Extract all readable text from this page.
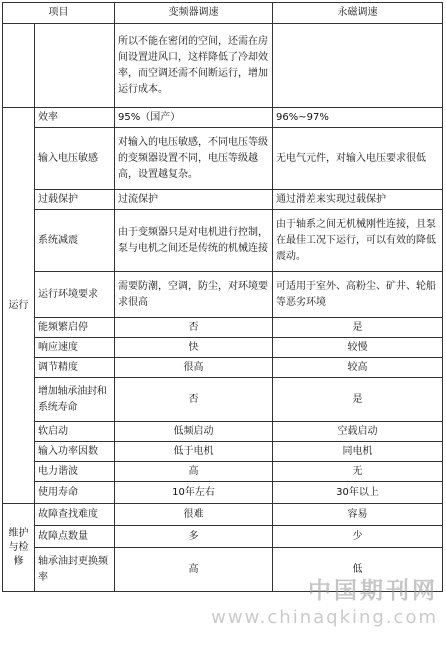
项目		变频器调速	永磁调速
		所以不能在密闭的空间，还需在房间设置进风口，这样降低了冷却效率，而空调还需不间断运行，增加运行成本。	
运行	效率	95%（国产）	96%~97%
	输入电压敏感	对输入的电压敏感，不同电压等级的变频器设置不同，电压等级越高，设置越复杂。	无电气元件，对输入电压要求很低
	过载保护	过流保护	通过滑差来实现过载保护
	系统减震	由于变频器只是对电机进行控制，泵与电机之间还是传统的机械连接	由于轴系之间无机械刚性连接，且泵在最佳工况下运行，可以有效的降低震动。
	运行环境要求	需要防潮，空调，防尘，对环境要求很高	可适用于室外、高粉尘、矿井、轮船等恶劣环境
	能频繁启停	否	是
	响应速度	快	较慢
	调节精度	很高	较高
	增加轴承油封和系统寿命	否	是
	软启动	低频启动	空载启动
	输入功率因数	低于电机	同电机
	电力谐波	高	无
	使用寿命	10年左右	30年以上
维护与检修	故障查找难度	很难	容易
	故障点数量	多	少
	轴承油封更换频率	高	低
中国期刊网
www.chinaqking.com
